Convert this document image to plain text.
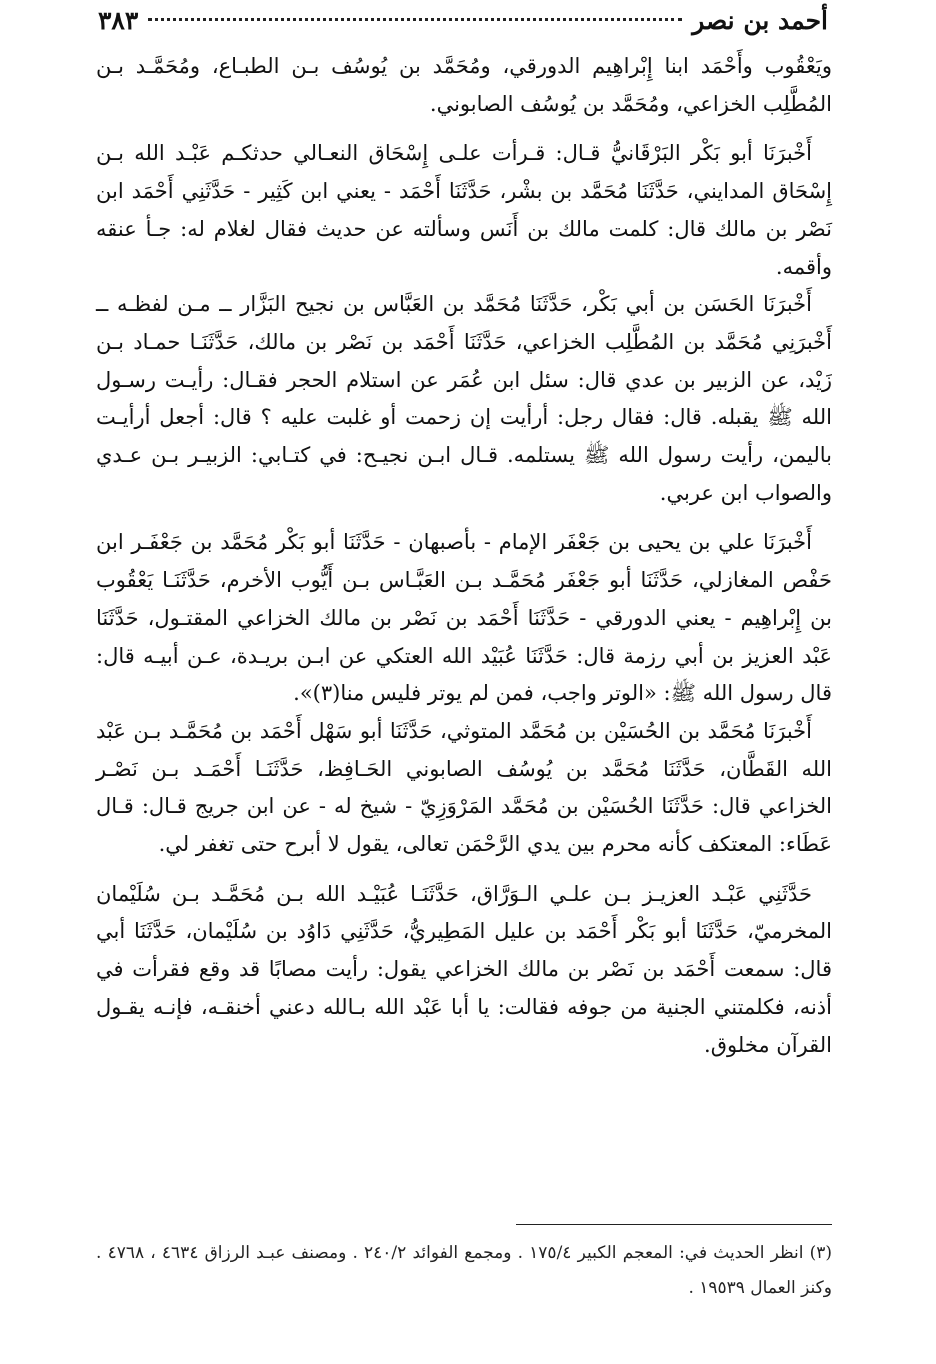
أحمد بن نصر
٣٨٣

ويَعْقُوب وأَحْمَد ابنا إِبْراهِيم الدورقي، ومُحَمَّد بن يُوسُف بـن الطبـاع، ومُحَمَّـد بـن المُطَّلِب الخزاعي، ومُحَمَّد بن يُوسُف الصابوني.

أَخْبرَنَا أبو بَكْر البَرْقَانيُّ قـال: قـرأت علـى إِسْحَاق النعـالي حدثكـم عَبْـد الله بـن إِسْحَاق المدايني، حَدَّثَنَا مُحَمَّد بن بشْر، حَدَّثَنَا أَحْمَد - يعني ابن كَثِير - حَدَّثَنِي أَحْمَد ابن نَصْر بن مالك قال: كلمت مالك بن أَنَس وسألته عن حديث فقال لغلام له: جـأ عنقه وأقمه.

أَخْبرَنَا الحَسَن بن أبي بَكْر، حَدَّثَنَا مُحَمَّد بن العَبَّاس بن نجيح البَزَّار ــ مـن لفظـه ــ أَخْبرَنِي مُحَمَّد بن المُطَّلِب الخزاعي، حَدَّثَنَا أَحْمَد بن نَصْر بن مالك، حَدَّثَنَـا حمـاد بـن زَيْد، عن الزبير بن عدي قال: سئل ابن عُمَر عن استلام الحجر فقـال: رأيـت رسـول الله ﷺ يقبله. قال: فقال رجل: أرأيت إن زحمت أو غلبت عليه ؟ قال: أجعل أرأيـت باليمن، رأيت رسول الله ﷺ يستلمه. قـال ابـن نجيـح: في كتـابي: الزبيـر بـن عـدي والصواب ابن عربي.

أَخْبرَنَا علي بن يحيى بن جَعْفَر الإمام - بأصبهان - حَدَّثَنَا أبو بَكْر مُحَمَّد بن جَعْفَـر ابن حَفْص المغازلي، حَدَّثَنَا أبو جَعْفَر مُحَمَّـد بـن العَبَّـاس بـن أَيُّوب الأخرم، حَدَّثَنَـا يَعْقُوب بن إِبْراهِيم - يعني الدورقي - حَدَّثَنَا أَحْمَد بن نَصْر بن مالك الخزاعي المقتـول، حَدَّثَنَا عَبْد العزيز بن أبي رزمة قال: حَدَّثَنَا عُبَيْد الله العتكي عن ابـن بريـدة، عـن أبيـه قال: قال رسول الله ﷺ: «الوتر واجب، فمن لم يوتر فليس منا(٣)».

أَخْبرَنَا مُحَمَّد بن الحُسَيْن بن مُحَمَّد المتوثي، حَدَّثَنَا أبو سَهْل أَحْمَد بن مُحَمَّـد بـن عَبْد الله القَطَّان، حَدَّثَنَا مُحَمَّد بن يُوسُف الصابوني الحَـافِظ، حَدَّثَنَـا أَحْمَـد بـن نَصْـر الخزاعي قال: حَدَّثَنَا الحُسَيْن بن مُحَمَّد المَرْوَزِيّ - شيخ له - عن ابن جريج قـال: قـال عَطَاء: المعتكف كأنه محرم بين يدي الرَّحْمَن تعالى، يقول لا أبرح حتى تغفر لي.

حَدَّثَنِي عَبْـد العزيـز بـن علـي الـوَرَّاق، حَدَّثَنَـا عُبَيْـد الله بـن مُحَمَّـد بـن سُلَيْمان المخرميّ، حَدَّثَنَا أبو بَكْر أَحْمَد بن عليل المَطِيريُّ، حَدَّثَنِي دَاوُد بن سُلَيْمان، حَدَّثَنَا أبي قال: سمعت أَحْمَد بن نَصْر بن مالك الخزاعي يقول: رأيت مصابًا قد وقع فقرأت في أذنه، فكلمتني الجنية من جوفه فقالت: يا أبا عَبْد الله بـالله دعني أخنقـه، فإنـه يقـول القرآن مخلوق.

(٣) انظر الحديث في: المعجم الكبير ١٧٥/٤ . ومجمع الفوائد ٢٤٠/٢ . ومصنف عبـد الرزاق ٤٦٣٤ ، ٤٧٦٨ . وكنز العمال ١٩٥٣٩ .
